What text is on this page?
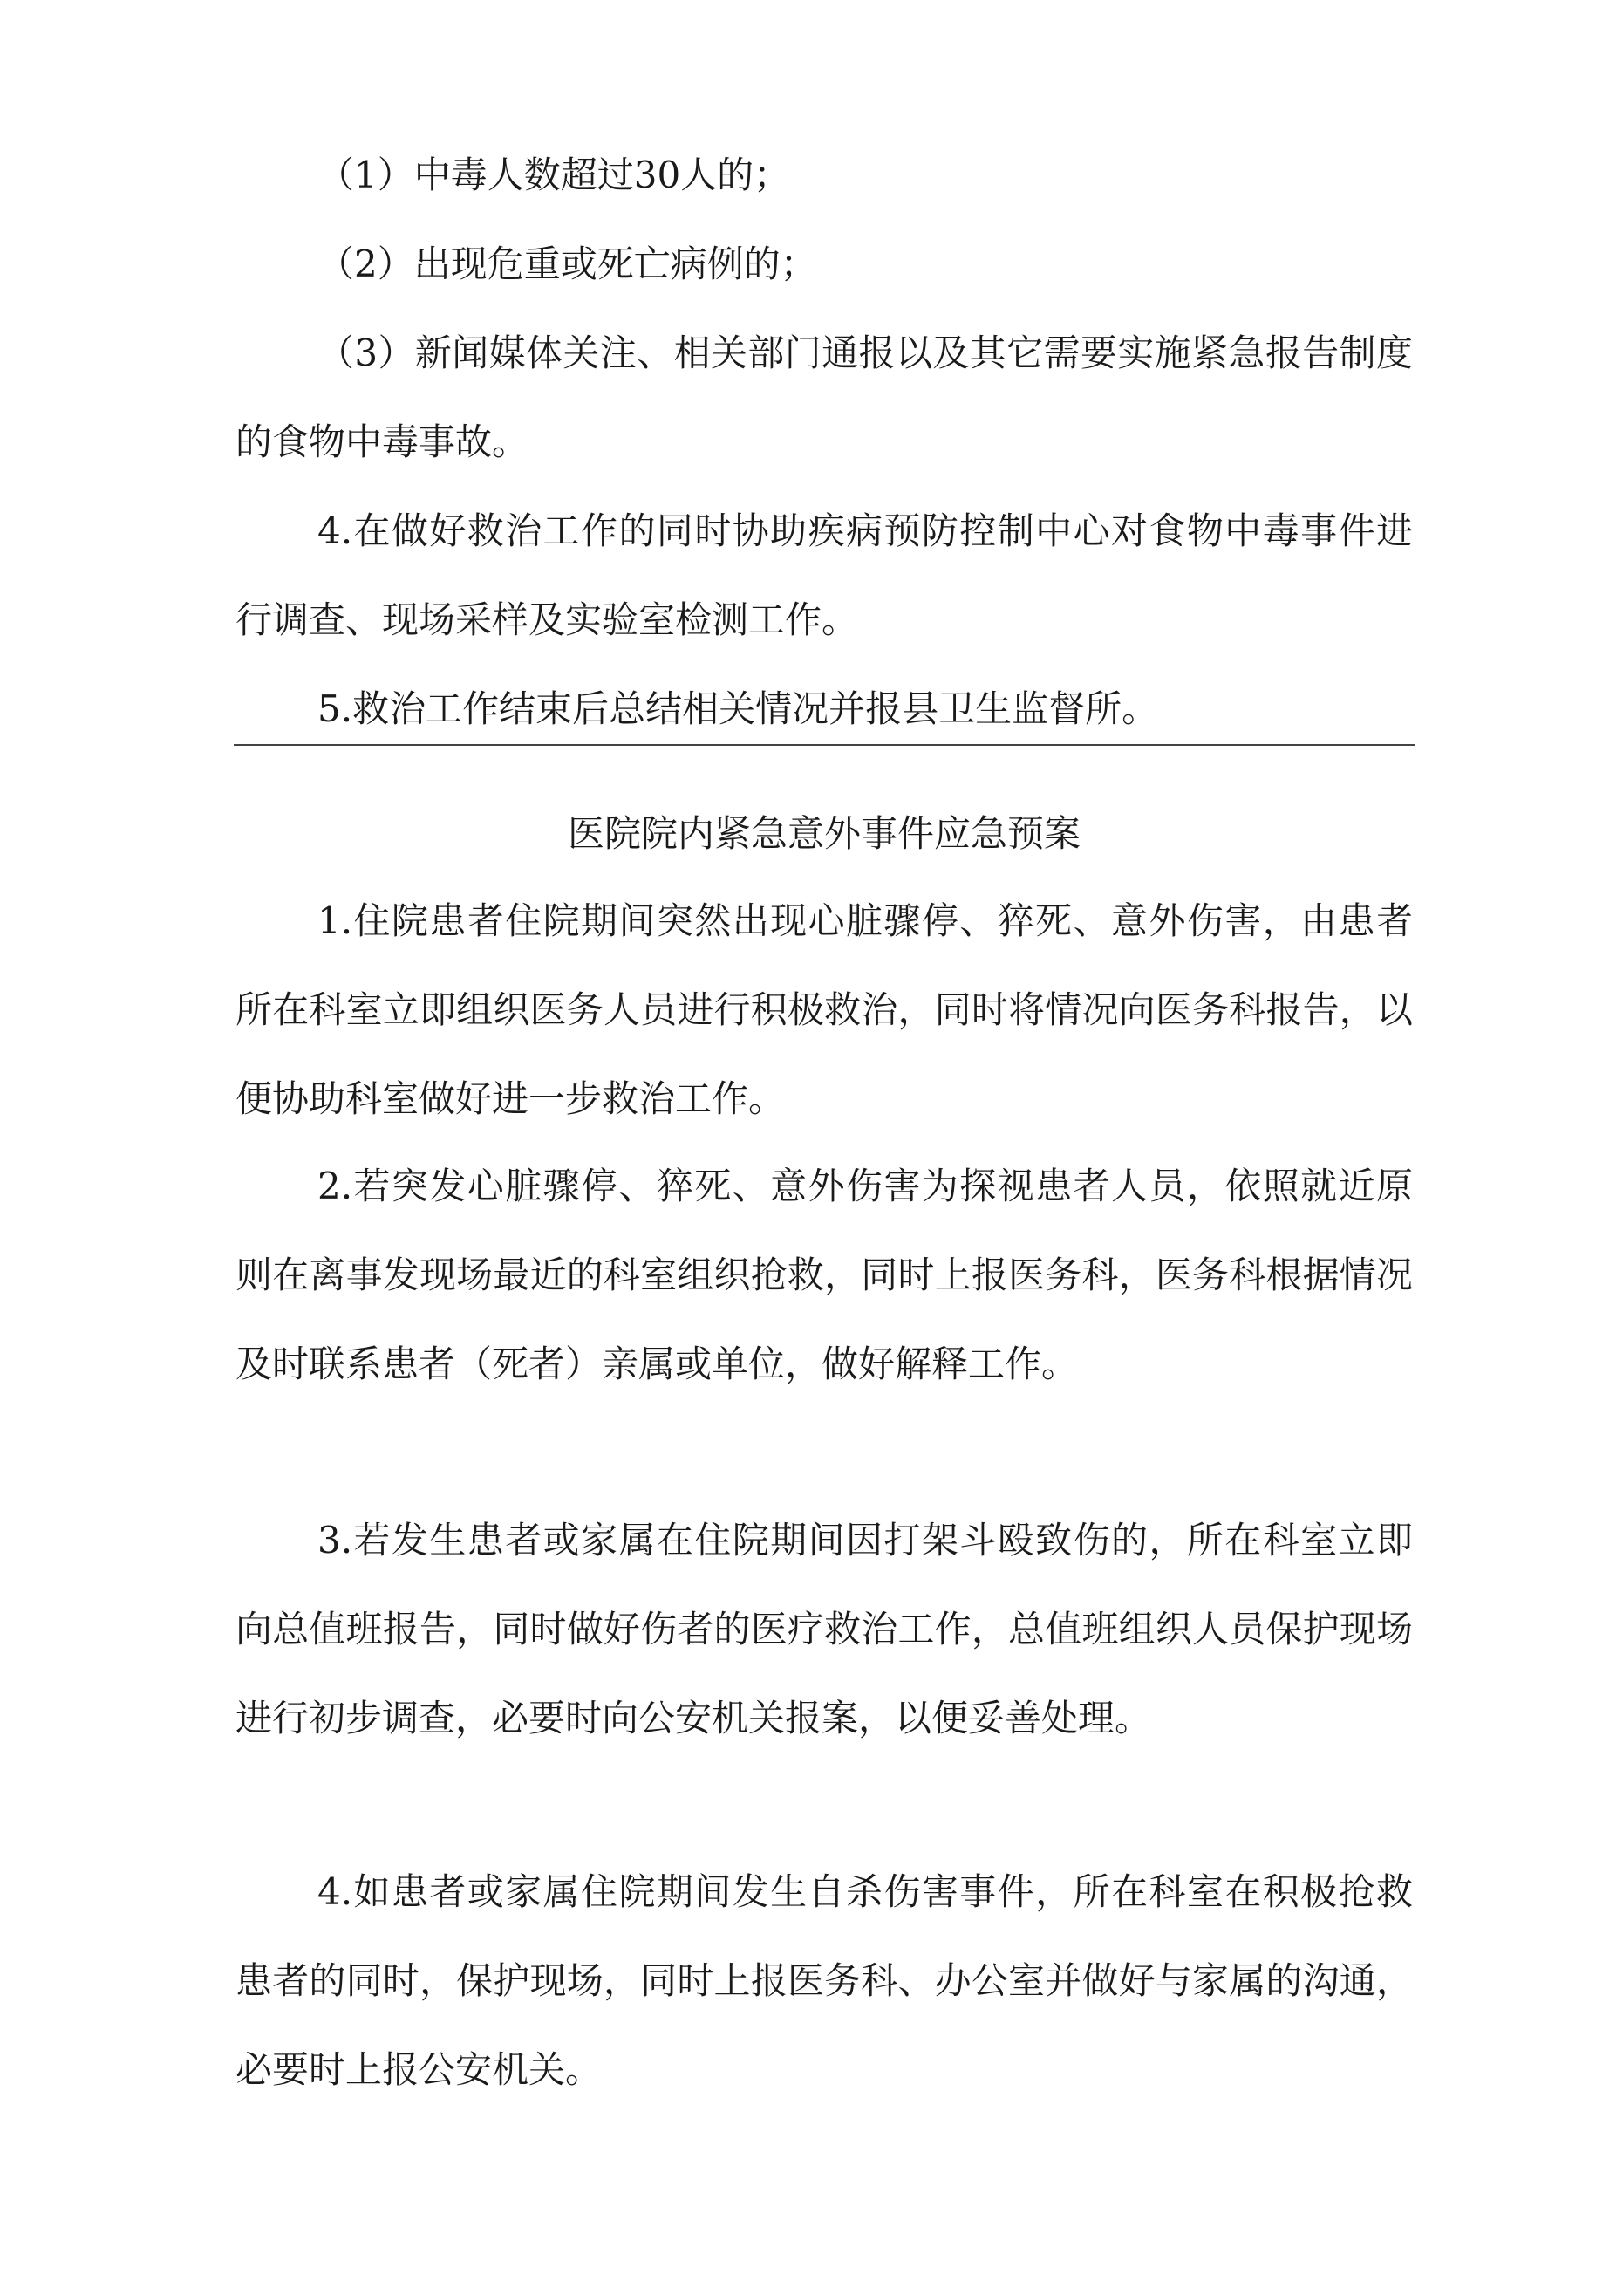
（1）中毒人数超过30人的；

（2）出现危重或死亡病例的；

（3）新闻媒体关注、相关部门通报以及其它需要实施紧急报告制度的食物中毒事故。

4.在做好救治工作的同时协助疾病预防控制中心对食物中毒事件进行调查、现场采样及实验室检测工作。

5.救治工作结束后总结相关情况并报县卫生监督所。

医院院内紧急意外事件应急预案

1.住院患者住院期间突然出现心脏骤停、猝死、意外伤害，由患者所在科室立即组织医务人员进行积极救治，同时将情况向医务科报告，以便协助科室做好进一步救治工作。

2.若突发心脏骤停、猝死、意外伤害为探视患者人员，依照就近原则在离事发现场最近的科室组织抢救，同时上报医务科，医务科根据情况及时联系患者（死者）亲属或单位，做好解释工作。

3.若发生患者或家属在住院期间因打架斗殴致伤的，所在科室立即向总值班报告，同时做好伤者的医疗救治工作，总值班组织人员保护现场进行初步调查，必要时向公安机关报案，以便妥善处理。

4.如患者或家属住院期间发生自杀伤害事件，所在科室在积极抢救患者的同时，保护现场，同时上报医务科、办公室并做好与家属的沟通，必要时上报公安机关。
